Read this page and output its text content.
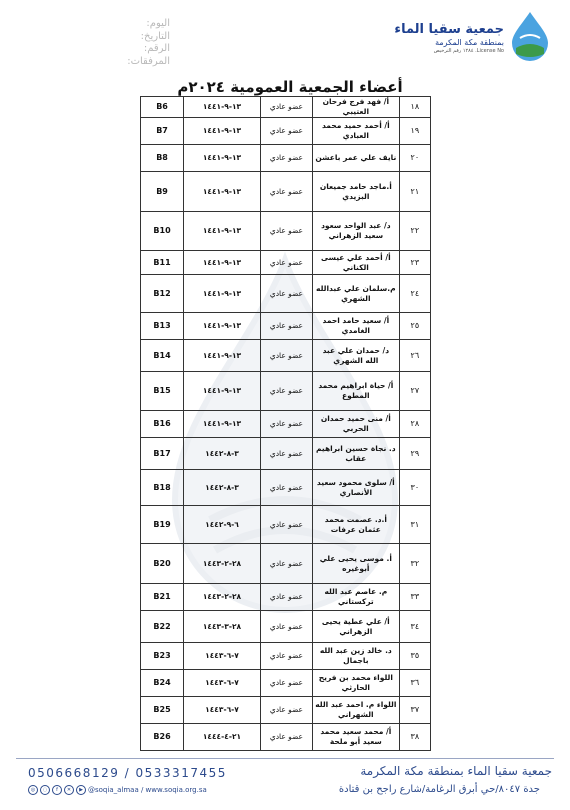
اليوم:
التاريخ:
الرقم:
المرفقات:
جمعية سقيا الماء
بمنطقة مكة المكرمة
License No. ١٢٨٤ رقم الترخيص
أعضاء الجمعية العمومية ٢٠٢٤م
١٨	أ/ فهد فرج فرحان العتيبي	عضو عادي	١٣-٩-١٤٤١	B6
١٩	أ/ أحمد حميد محمد العبادي	عضو عادي	١٣-٩-١٤٤١	B7
٢٠	نايف علي عمر باعشن	عضو عادي	١٣-٩-١٤٤١	B8
٢١	أ.ماجد حامد جميعان البزيدي	عضو عادي	١٣-٩-١٤٤١	B9
٢٢	د/ عبد الواحد سعود سعيد الزهراني	عضو عادي	١٣-٩-١٤٤١	B10
٢٣	أ/ أحمد علي عيسى الكناني	عضو عادي	١٣-٩-١٤٤١	B11
٢٤	م.سلمان علي عبدالله الشهري	عضو عادي	١٣-٩-١٤٤١	B12
٢٥	أ/ سعيد حامد احمد الغامدي	عضو عادي	١٣-٩-١٤٤١	B13
٢٦	د/ حمدان علي عبد الله الشهري	عضو عادي	١٣-٩-١٤٤١	B14
٢٧	أ/ حياة ابراهيم محمد المطوع	عضو عادي	١٣-٩-١٤٤١	B15
٢٨	أ/ منى حميد حمدان الحربي	عضو عادي	١٣-٩-١٤٤١	B16
٢٩	د. نجاة حسين ابراهيم عقاب	عضو عادي	٣-٨-١٤٤٢	B17
٣٠	أ/ سلوى محمود سعيد الأنصاري	عضو عادي	٣-٨-١٤٤٢	B18
٣١	أ.د. عصمت محمد عثمان عرفات	عضو عادي	٦-٩-١٤٤٢	B19
٣٢	أ. موسى يحيى علي أبوغيره	عضو عادي	٢٨-٢-١٤٤٣	B20
٣٣	م. عاصم عبد الله تركستاني	عضو عادي	٢٨-٢-١٤٤٣	B21
٣٤	أ/ علي عطية يحيى الزهراني	عضو عادي	٢٨-٣-١٤٤٣	B22
٣٥	د. خالد زين عبد الله باجمال	عضو عادي	٧-٦-١٤٤٣	B23
٣٦	اللواء محمد بن فريح الحارثي	عضو عادي	٧-٦-١٤٤٣	B24
٣٧	اللواء م. احمد عبد الله الشهراني	عضو عادي	٧-٦-١٤٤٣	B25
٣٨	أ/ محمد سعيد محمد سعيد أبو ملحة	عضو عادي	٢١-٤-١٤٤٤	B26
0506668129 / 0533317455
◎	◌	f	✕	▶ @soqia_almaa / www.soqia.org.sa
جمعية سقيا الماء بمنطقة مكة المكرمة
جدة ٨٠٤٧/حي أبرق الرغامة/شارع راجح بن قتادة
